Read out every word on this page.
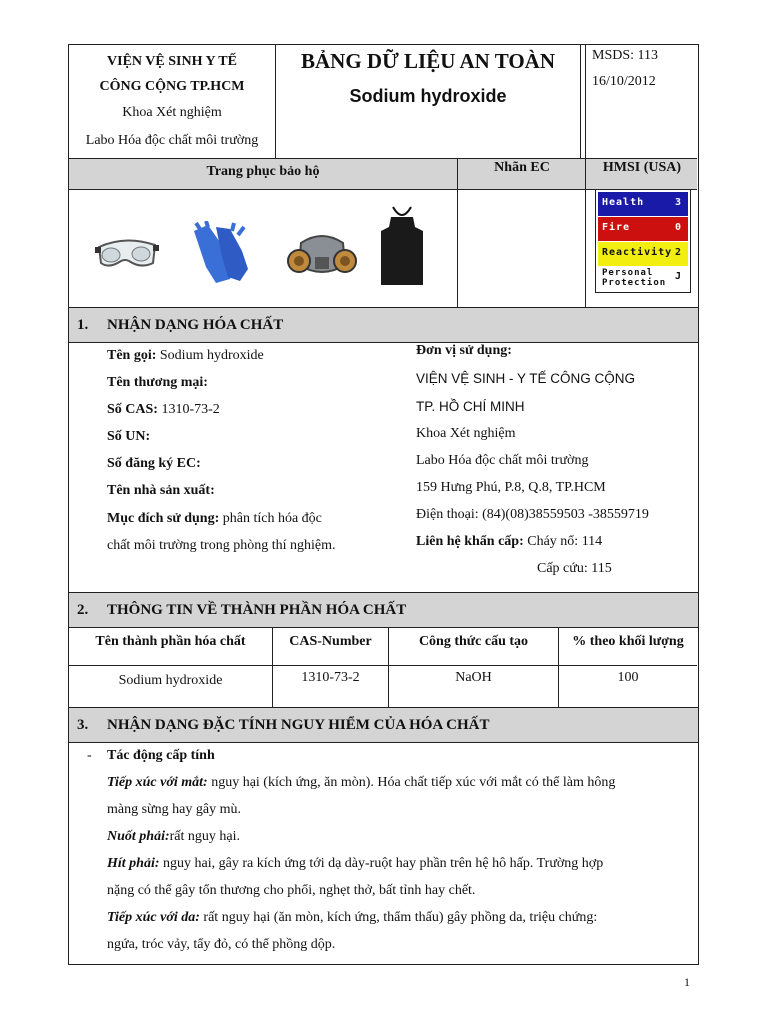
VIỆN VỆ SINH Y TẾ
CÔNG CỘNG TP.HCM
Khoa Xét nghiệm
Labo Hóa độc chất môi trường
BẢNG DỮ LIỆU AN TOÀN
Sodium hydroxide
MSDS: 113
16/10/2012
Trang phục bảo hộ	Nhãn EC	HMSI (USA)
Health	3
Fire	0
Reactivity 2
Personal
Protection
J
1. NHẬN DẠNG HÓA CHẤT
Tên gọi: Sodium hydroxide
Tên thương mại:
Số CAS: 1310-73-2
Số UN:
Số đăng ký EC:
Tên nhà sản xuất:
Mục đích sử dụng: phân tích hóa độc
chất môi trường trong phòng thí nghiệm.
Đơn vị sử dụng:
VIỆN VỆ SINH - Y TẾ CÔNG CỘNG
TP. HỒ CHÍ MINH
Khoa Xét nghiệm
Labo Hóa độc chất môi trường
159 Hưng Phú, P.8, Q.8, TP.HCM
Điện thoại: (84)(08)38559503 -38559719
Liên hệ khẩn cấp: Cháy nổ: 114
Cấp cứu: 115
2. THÔNG TIN VỀ THÀNH PHẦN HÓA CHẤT
Tên thành phần hóa chất	CAS-Number	Công thức cấu tạo	% theo khối lượng
Sodium hydroxide	1310-73-2	NaOH	100
3. NHẬN DẠNG ĐẶC TÍNH NGUY HIỂM CỦA HÓA CHẤT
- Tác động cấp tính
Tiếp xúc với mắt: nguy hại (kích ứng, ăn mòn). Hóa chất tiếp xúc với mắt có thể làm hông
màng sừng hay gây mù.
Nuốt phải:rất nguy hại.
Hít phải: nguy hai, gây ra kích ứng tới dạ dày-ruột hay phần trên hệ hô hấp. Trường hợp
nặng có thể gây tổn thương cho phổi, nghẹt thở, bất tỉnh hay chết.
Tiếp xúc với da: rất nguy hại (ăn mòn, kích ứng, thẩm thấu) gây phồng da, triệu chứng:
ngứa, tróc vảy, tẩy đỏ, có thể phồng dộp.
1
